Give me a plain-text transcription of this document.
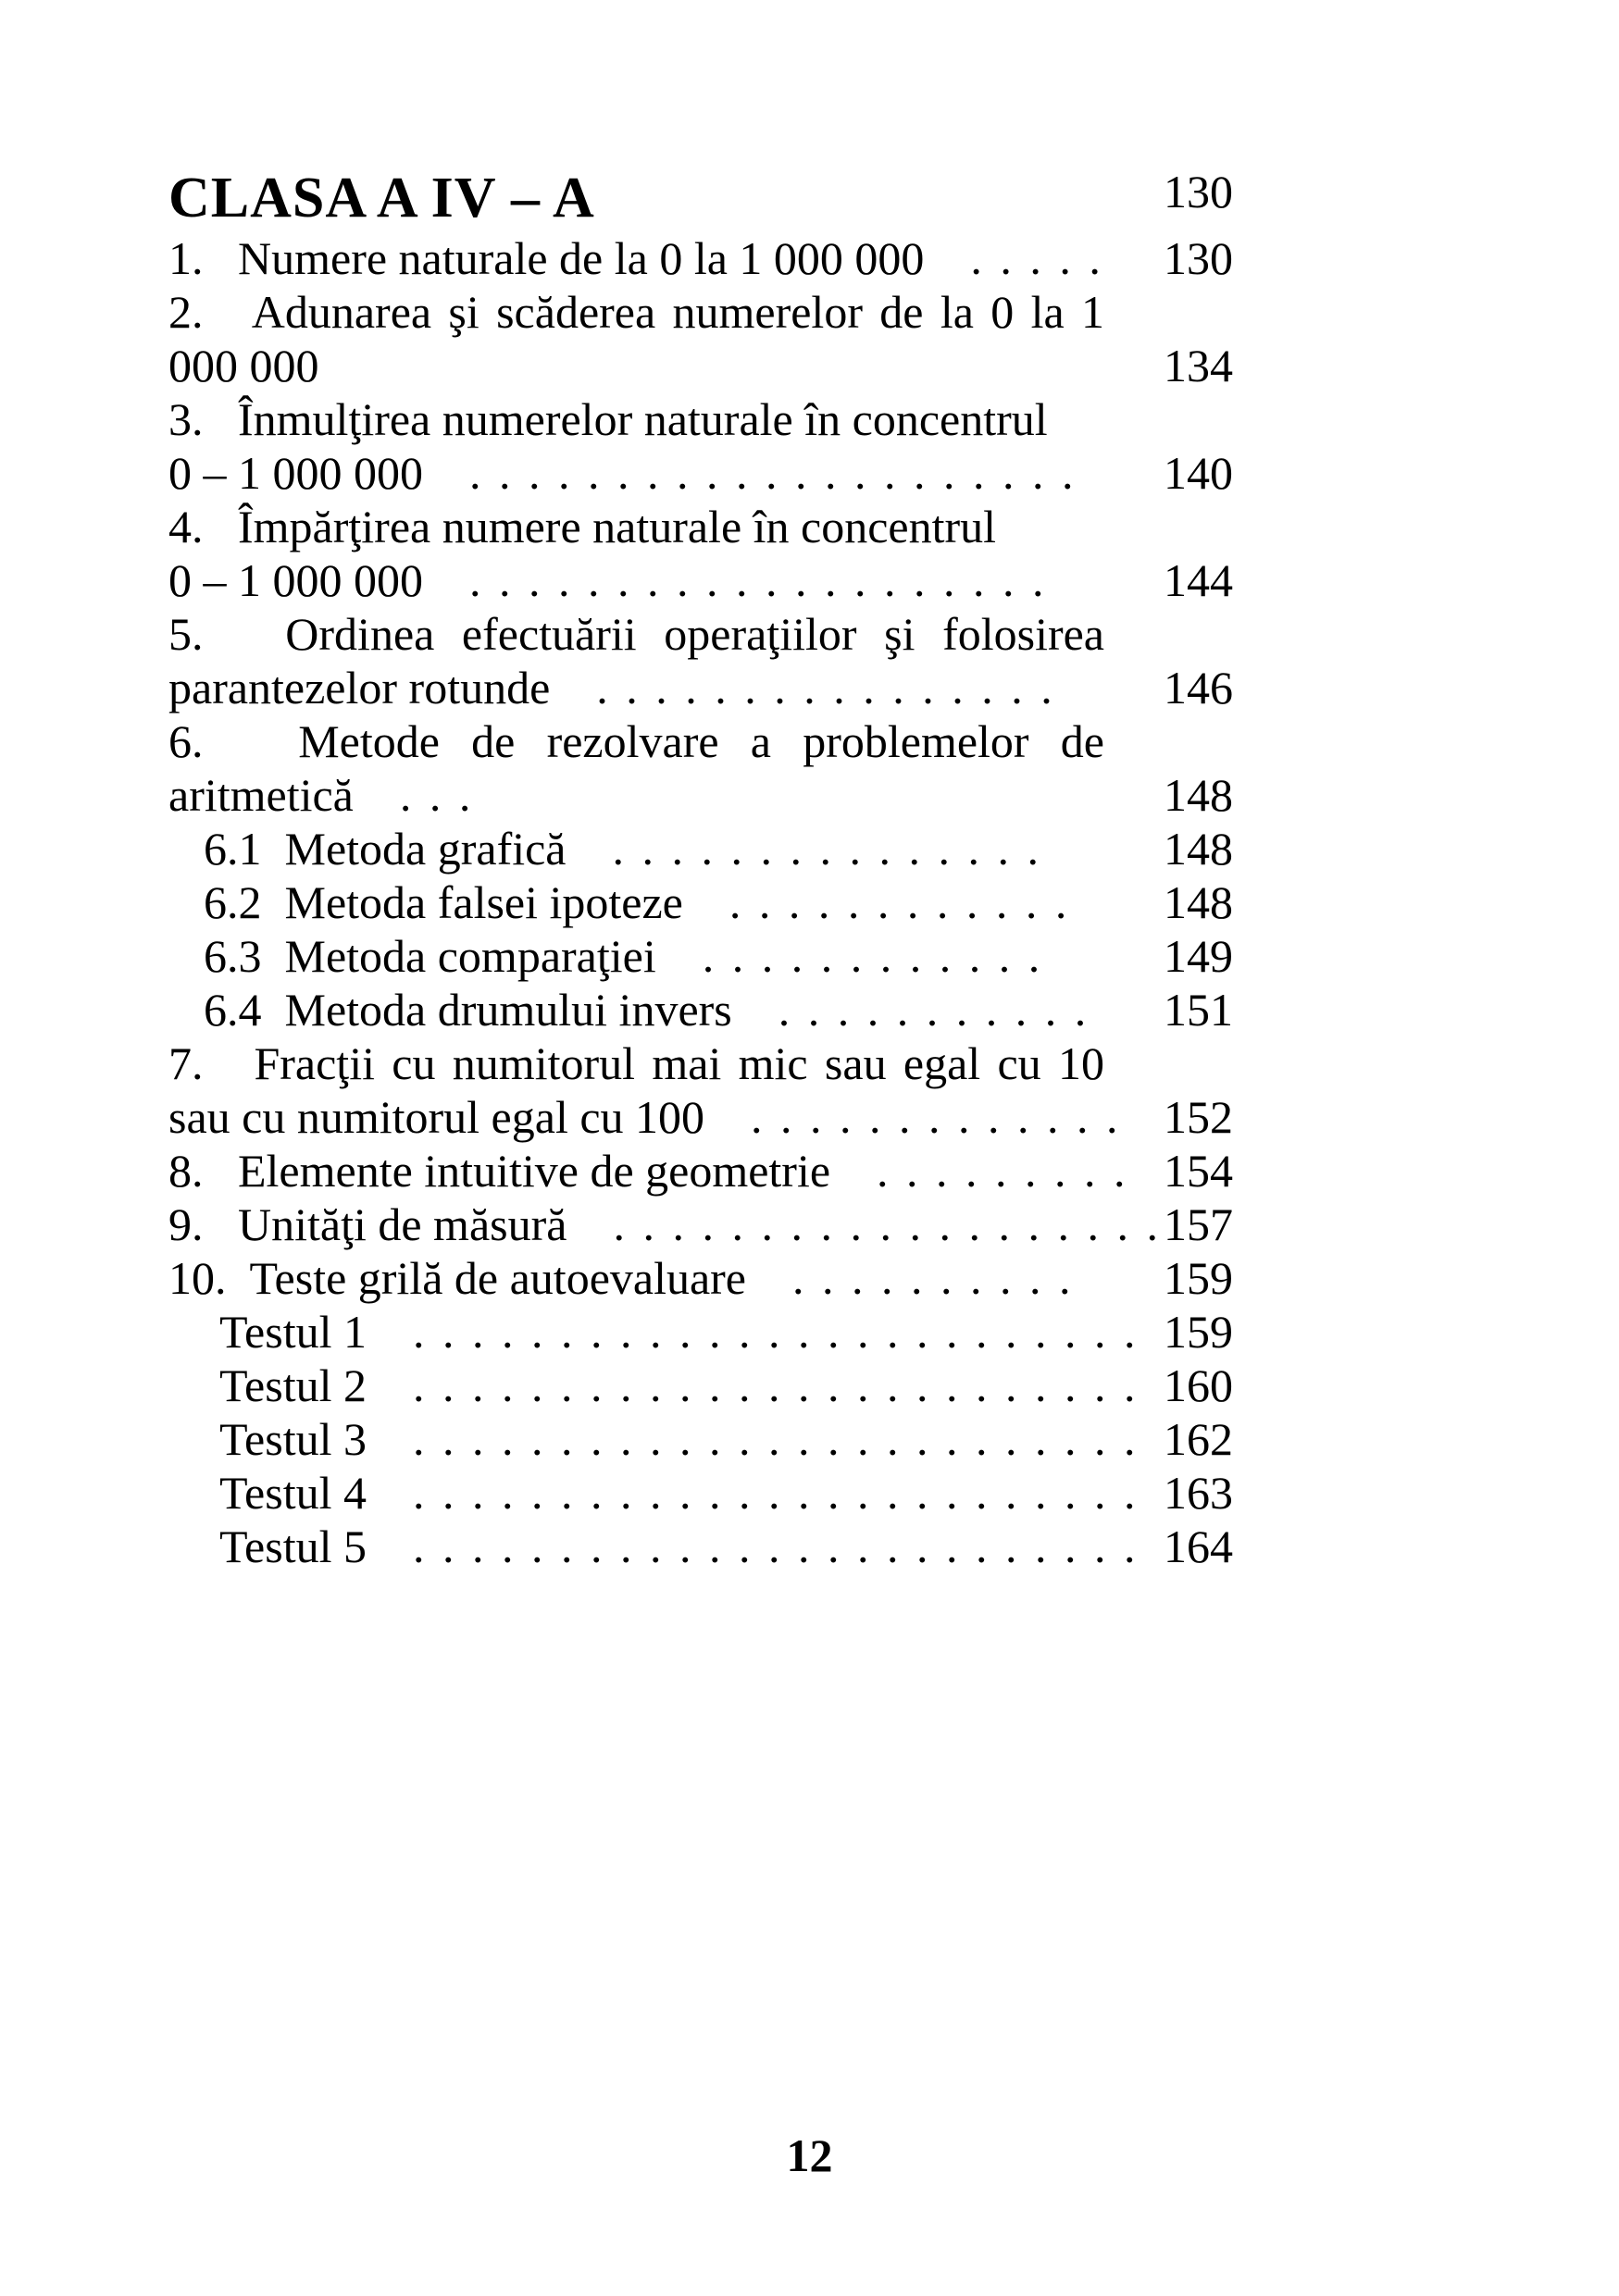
CLASA A IV – A	130
1.   Numere naturale de la 0 la 1 000 000 . . . . . 130
2.   Adunarea şi scăderea numerelor de la 0 la 1
000 000	134
3.   Înmulţirea numerelor naturale în concentrul
0 – 1 000 000 . . . . . . . . . . . . . . . . . . . . .	140
4.   Împărţirea numere naturale în concentrul
0 – 1 000 000 . . . . . . . . . . . . . . . . . . . .	144
5.   Ordinea efectuării operaţiilor şi folosirea
parantezelor rotunde . . . . . . . . . . . . . . . .	146
6.   Metode de rezolvare a problemelor de
aritmetică . . .	148
6.1  Metoda grafică . . . . . . . . . . . . . . .	148
6.2  Metoda falsei ipoteze . . . . . . . . . . . .	148
6.3  Metoda comparaţiei . . . . . . . . . . . .	149
6.4  Metoda drumului invers . . . . . . . . . . .	151
7.   Fracţii cu numitorul mai mic sau egal cu 10
sau cu numitorul egal cu 100 . . . . . . . . . . . . . 152
8.   Elemente intuitive de geometrie . . . . . . . . . 154
9.   Unităţi de măsură . . . . . . . . . . . . . . . . . . . 157
10.  Teste grilă de autoevaluare . . . . . . . . . .	159
Testul 1 . . . . . . . . . . . . . . . . . . . . . . . . . 159
Testul 2 . . . . . . . . . . . . . . . . . . . . . . . . . 160
Testul 3 . . . . . . . . . . . . . . . . . . . . . . . . . 162
Testul 4 . . . . . . . . . . . . . . . . . . . . . . . . . 163
Testul 5 . . . . . . . . . . . . . . . . . . . . . . . . . 164
12
